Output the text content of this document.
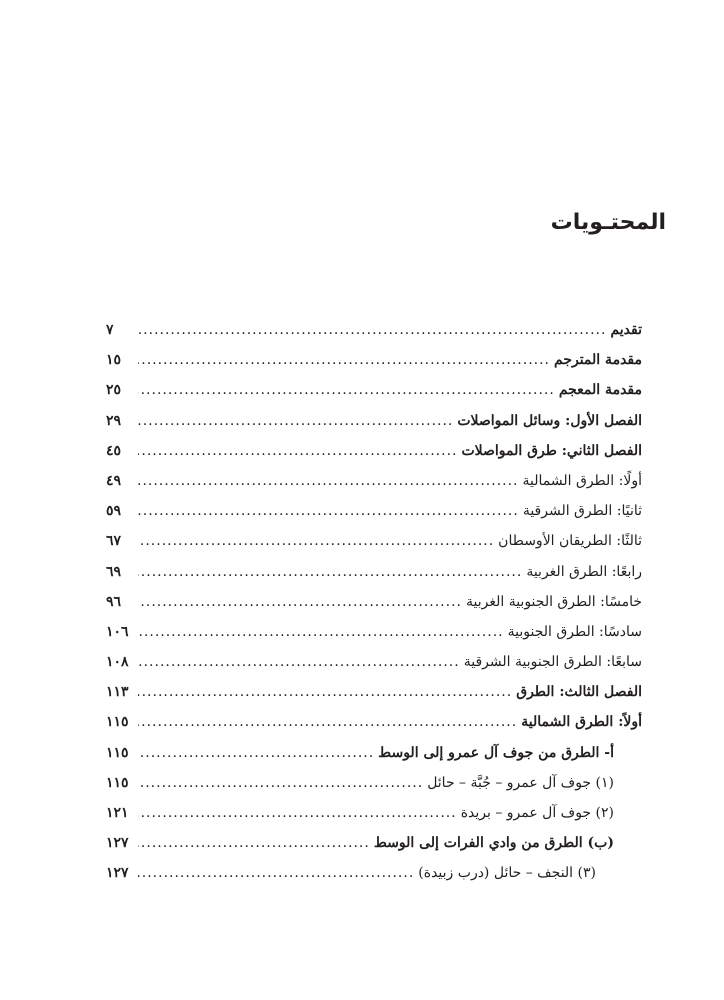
المحتـويات
تقديم
.....
٧
مقدمة المترجم
.....
١٥
مقدمة المعجم
.....
٢٥
الفصل الأول: وسائل المواصلات
.....
٢٩
الفصل الثاني: طرق المواصلات
.....
٤٥
أولًا: الطرق الشمالية
.....
٤٩
ثانيًا: الطرق الشرقية
.....
٥٩
ثالثًا: الطريقان الأوسطان
.....
٦٧
رابعًا: الطرق الغربية
.....
٦٩
خامسًا: الطرق الجنوبية الغربية
.....
٩٦
سادسًا: الطرق الجنوبية
.....
١٠٦
سابعًا: الطرق الجنوبية الشرقية
.....
١٠٨
الفصل الثالث: الطرق
.....
١١٣
أولاً: الطرق الشمالية
.....
١١٥
أ- الطرق من جوف آل عمرو إلى الوسط
.....
١١٥
(١) جوف آل عمرو – جُبَّة – حائل
.....
١١٥
(٢) جوف آل عمرو – بريدة
.....
١٢١
(ب) الطرق من وادي الفرات إلى الوسط
.....
١٢٧
(٣) النجف – حائل (درب زبيدة)
.....
١٢٧
